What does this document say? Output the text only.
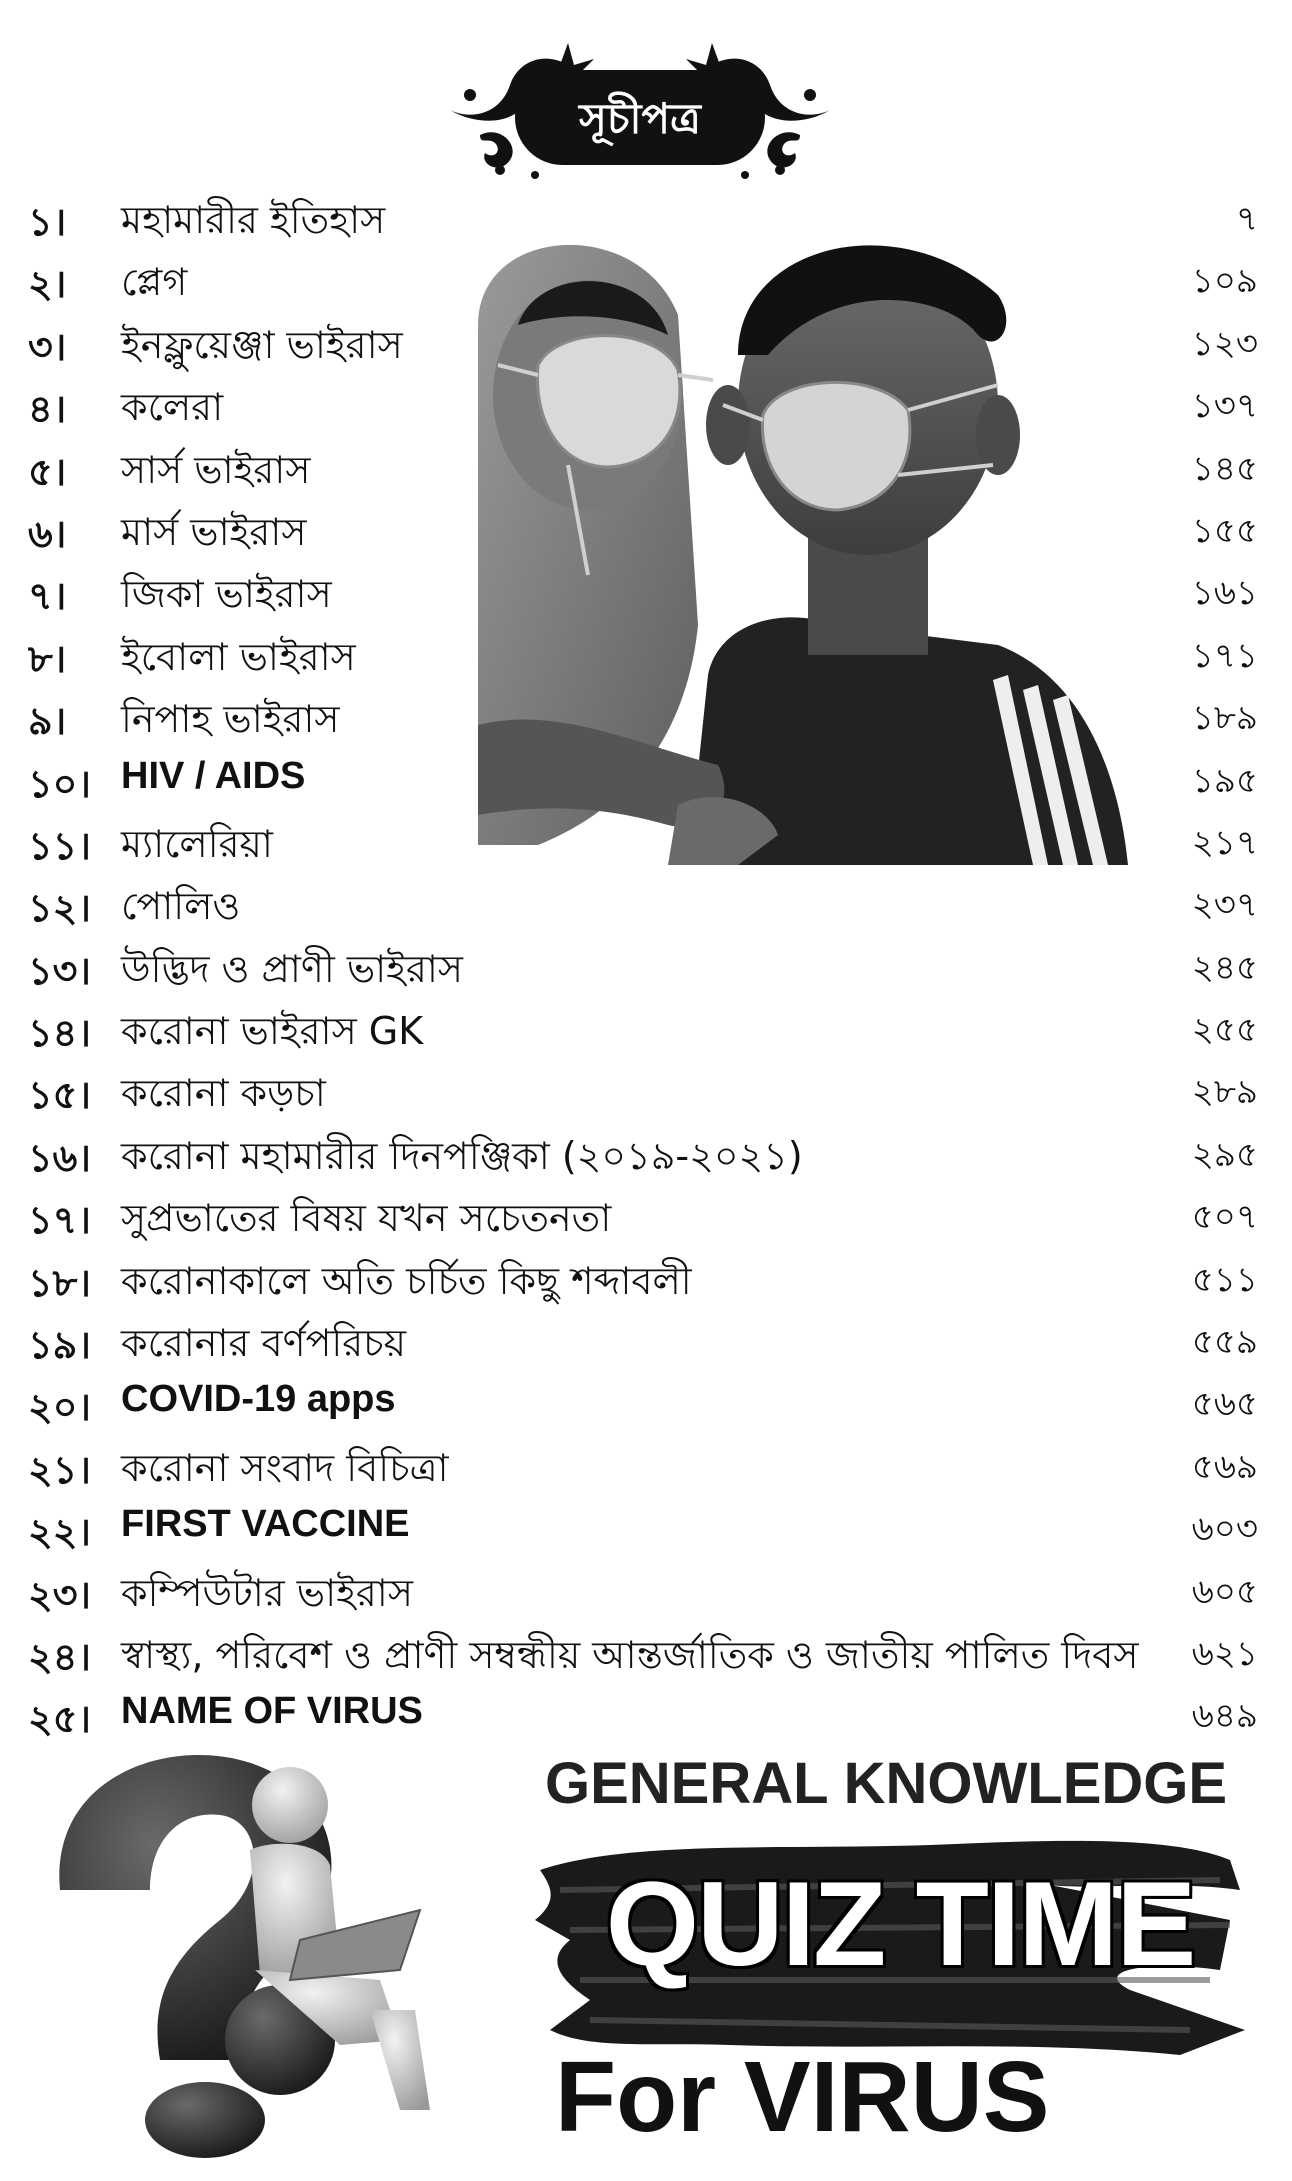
সূচীপত্র
১।	মহামারীর ইতিহাস	৭
২।	প্লেগ	১০৯
৩।	ইনফ্লুয়েঞ্জা ভাইরাস	১২৩
৪।	কলেরা	১৩৭
৫।	সার্স ভাইরাস	১৪৫
৬।	মার্স ভাইরাস	১৫৫
৭।	জিকা ভাইরাস	১৬১
৮।	ইবোলা ভাইরাস	১৭১
৯।	নিপাহ ভাইরাস	১৮৯
১০। HIV / AIDS	১৯৫
১১। ম্যালেরিয়া	২১৭
১২। পোলিও	২৩৭
১৩। উদ্ভিদ ও প্রাণী ভাইরাস	২৪৫
১৪। করোনা ভাইরাস GK	২৫৫
১৫। করোনা কড়চা	২৮৯
১৬। করোনা মহামারীর দিনপঞ্জিকা (২০১৯-২০২১)	২৯৫
১৭। সুপ্রভাতের বিষয় যখন সচেতনতা	৫০৭
১৮। করোনাকালে অতি চর্চিত কিছু শব্দাবলী	৫১১
১৯। করোনার বর্ণপরিচয়	৫৫৯
২০। COVID-19 apps	৫৬৫
২১। করোনা সংবাদ বিচিত্রা	৫৬৯
২২। FIRST VACCINE	৬০৩
২৩। কম্পিউটার ভাইরাস	৬০৫
২৪। স্বাস্থ্য, পরিবেশ ও প্রাণী সম্বন্ধীয় আন্তর্জাতিক ও জাতীয় পালিত দিবস ৬২১
২৫। NAME OF VIRUS	৬৪৯
GENERAL KNOWLEDGE
QUIZ TIME
For VIRUS
